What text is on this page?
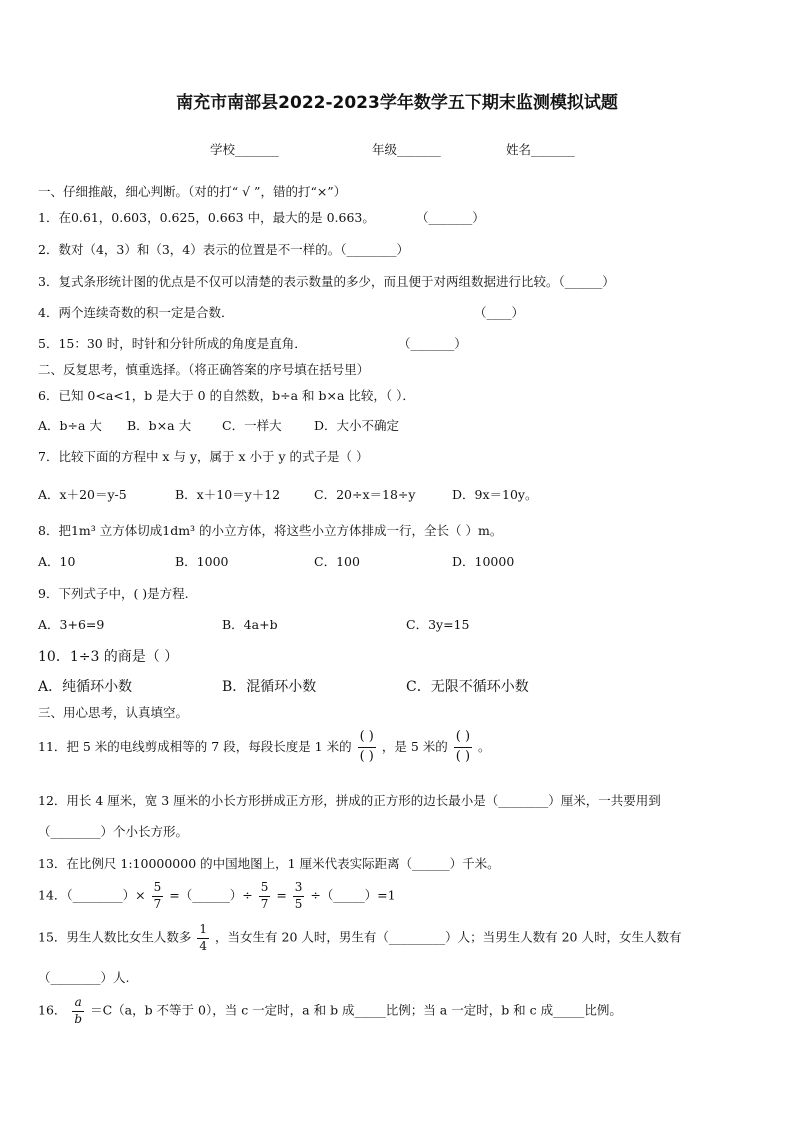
南充市南部县2022-2023学年数学五下期末监测模拟试题
学校_______	年级_______	姓名_______
一、仔细推敲，细心判断。（对的打“ √ ”，错的打“×”）
1．在0.61，0.603，0.625，0.663 中，最大的是 0.663。	（_______）
2．数对（4，3）和（3，4）表示的位置是不一样的。（________）
3．复式条形统计图的优点是不仅可以清楚的表示数量的多少，而且便于对两组数据进行比较。（______）
4．两个连续奇数的积一定是合数．	（____）
5．15：30 时，时针和分针所成的角度是直角．	（_______）
二、反复思考，慎重选择。（将正确答案的序号填在括号里）
6．已知 0<a<1，b 是大于 0 的自然数，b÷a 和 b×a 比较，（ ）．
A．b÷a 大 B．b×a 大 C．一样大	D．大小不确定
7．比较下面的方程中 x 与 y，属于 x 小于 y 的式子是（ ）
A．x＋20＝y-5	B．x＋10＝y＋12	C．20÷x＝18÷y	D．9x＝10y。
8．把1m³ 立方体切成1dm³ 的小立方体，将这些小立方体排成一行，全长（ ）m。
A．10	B．1000	C．100	D．10000
9．下列式子中，( )是方程.
A．3+6=9	B．4a+b	C．3y=15
10．1÷3 的商是（ ）
A．纯循环小数	B．混循环小数	C．无限不循环小数
三、用心思考，认真填空。
11．把 5 米的电线剪成相等的 7 段，每段长度是 1 米的 $\frac{( )}{( )}$ ，是 5 米的 $\frac{( )}{( )}$ 。
12．用长 4 厘米，宽 3 厘米的小长方形拼成正方形，拼成的正方形的边长最小是（________）厘米，一共要用到
（________）个小长方形。
13．在比例尺 1:10000000 的中国地图上，1 厘米代表实际距离（______）千米。
14．（________）× $\frac{5}{7}$ =（______）÷ $\frac{5}{7} = \frac{3}{5}$ ÷（_____）=1
15．男生人数比女生人数多 $\frac{1}{4}$ ，当女生有 20 人时，男生有（_________）人；当男生人数有 20 人时，女生人数有
（________）人.
16． $\frac{a}{b} =C(a$，b 不等于 0），当 c 一定时，a 和 b 成_____比例；当 a 一定时，b 和 c 成_____比例。
